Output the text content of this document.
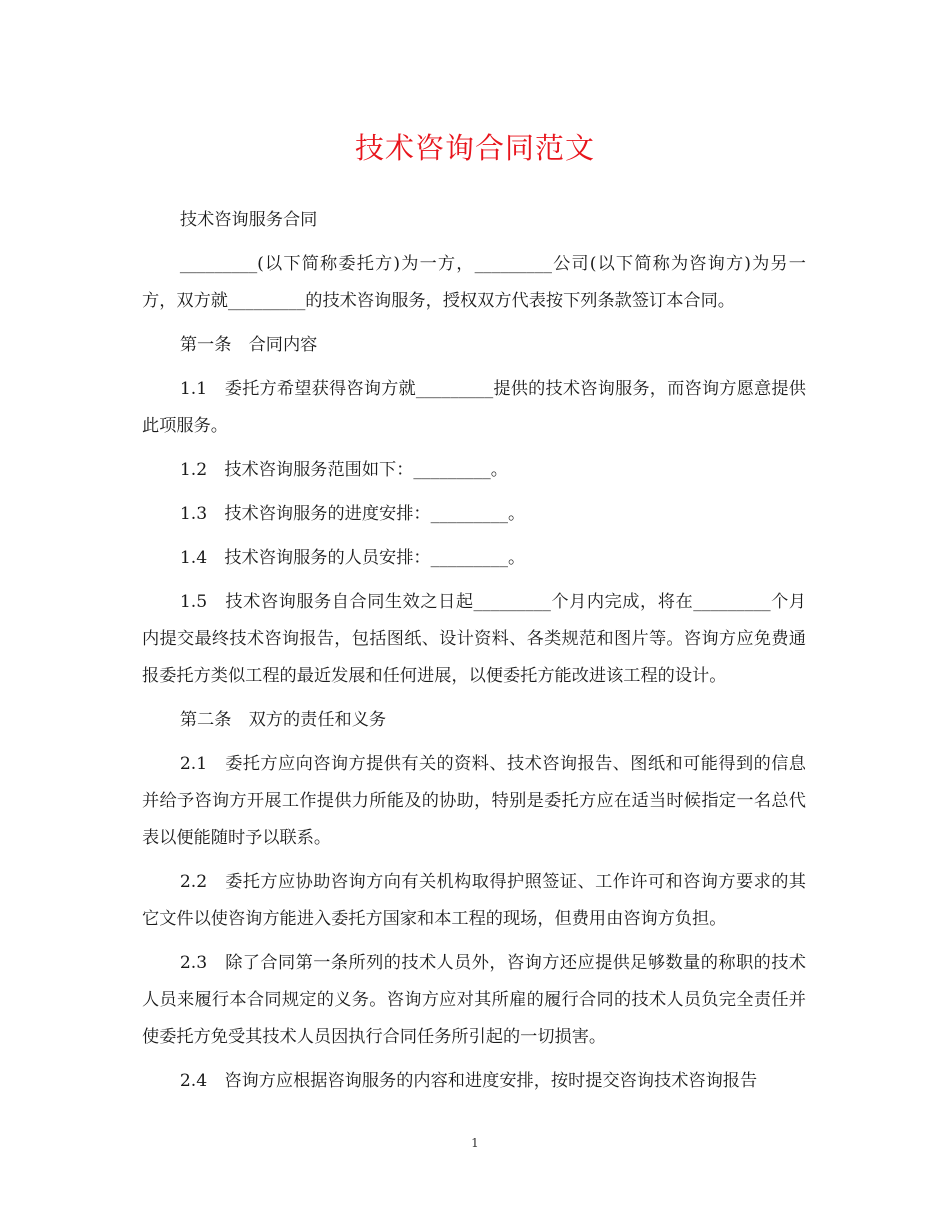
技术咨询合同范文

技术咨询服务合同

_________(以下简称委托方)为一方，_________公司(以下简称为咨询方)为另一方，双方就_________的技术咨询服务，授权双方代表按下列条款签订本合同。

第一条　合同内容

1.1　委托方希望获得咨询方就_________提供的技术咨询服务，而咨询方愿意提供此项服务。

1.2　技术咨询服务范围如下：_________。

1.3　技术咨询服务的进度安排：_________。

1.4　技术咨询服务的人员安排：_________。

1.5　技术咨询服务自合同生效之日起_________个月内完成，将在_________个月内提交最终技术咨询报告，包括图纸、设计资料、各类规范和图片等。咨询方应免费通报委托方类似工程的最近发展和任何进展，以便委托方能改进该工程的设计。

第二条　双方的责任和义务

2.1　委托方应向咨询方提供有关的资料、技术咨询报告、图纸和可能得到的信息并给予咨询方开展工作提供力所能及的协助，特别是委托方应在适当时候指定一名总代表以便能随时予以联系。

2.2　委托方应协助咨询方向有关机构取得护照签证、工作许可和咨询方要求的其它文件以使咨询方能进入委托方国家和本工程的现场，但费用由咨询方负担。

2.3　除了合同第一条所列的技术人员外，咨询方还应提供足够数量的称职的技术人员来履行本合同规定的义务。咨询方应对其所雇的履行合同的技术人员负完全责任并使委托方免受其技术人员因执行合同任务所引起的一切损害。

2.4　咨询方应根据咨询服务的内容和进度安排，按时提交咨询技术咨询报告

1
